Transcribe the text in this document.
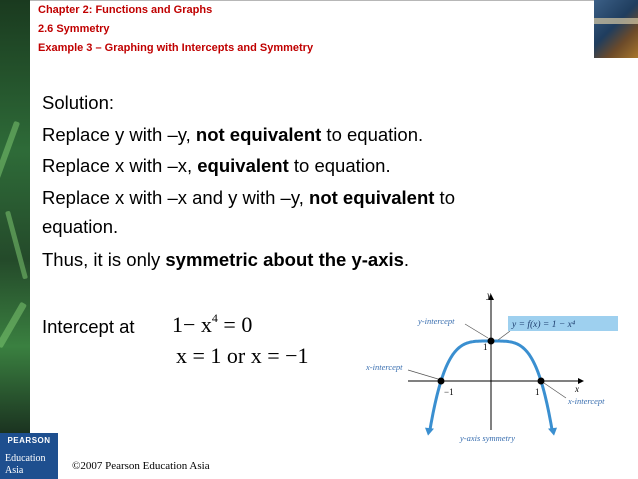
Chapter 2: Functions and Graphs
2.6 Symmetry
Example 3 – Graphing with Intercepts and Symmetry
Solution:
Replace y with –y, not equivalent to equation.
Replace x with –x, equivalent to equation.
Replace x with –x and y with –y, not equivalent to
equation.
Thus, it is only symmetric about the y-axis.
Intercept at $1- x^4 = 0$
x = 1 or x = −1
y
x
1
−1	1
y-intercept
x-intercept
x-intercept
y = f(x) = 1 − x⁴
y-axis symmetry
PEARSON
Education
Asia	©2007 Pearson Education Asia
